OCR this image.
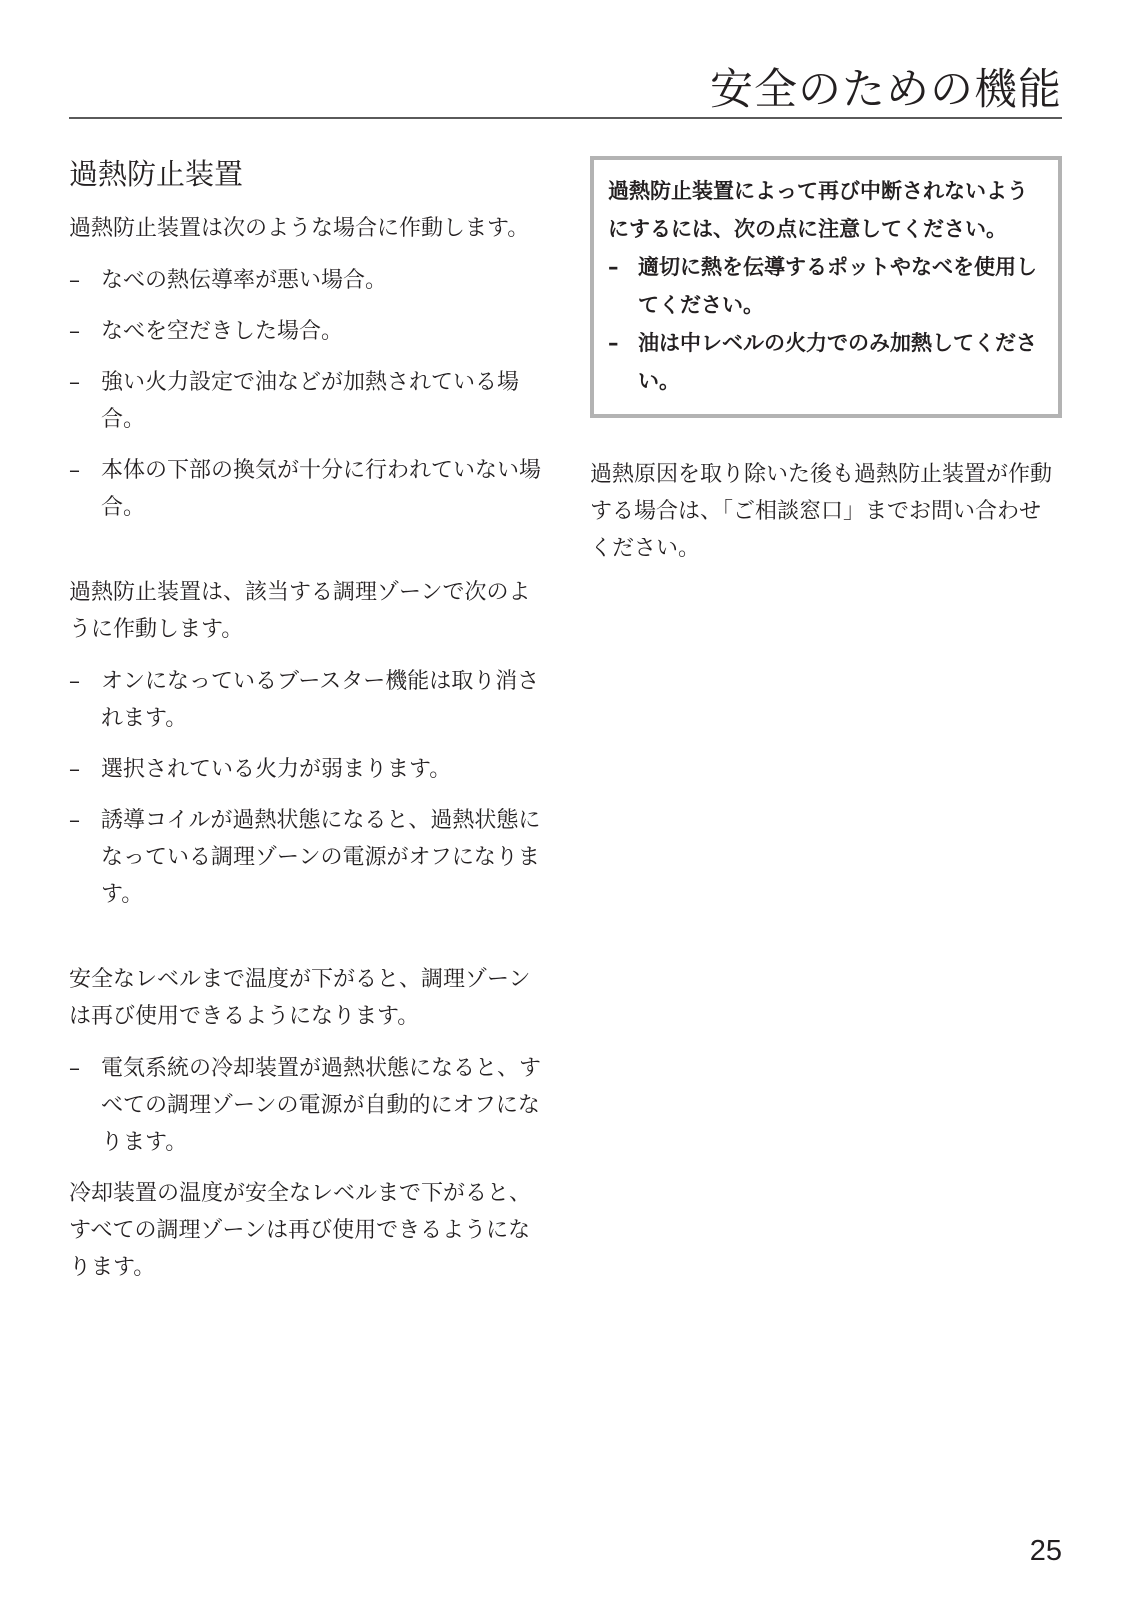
安全のための機能
過熱防止装置

過熱防止装置は次のような場合に作動します。

– なべの熱伝導率が悪い場合。
– なべを空だきした場合。
– 強い火力設定で油などが加熱されている場合。
– 本体の下部の換気が十分に行われていない場合。

過熱防止装置は、該当する調理ゾーンで次のように作動します。

– オンになっているブースター機能は取り消されます。
– 選択されている火力が弱まります。
– 誘導コイルが過熱状態になると、過熱状態になっている調理ゾーンの電源がオフになります。

安全なレベルまで温度が下がると、調理ゾーンは再び使用できるようになります。

– 電気系統の冷却装置が過熱状態になると、すべての調理ゾーンの電源が自動的にオフになります。

冷却装置の温度が安全なレベルまで下がると、すべての調理ゾーンは再び使用できるようになります。

過熱防止装置によって再び中断されないようにするには、次の点に注意してください。

– 適切に熱を伝導するポットやなべを使用してください。
– 油は中レベルの火力でのみ加熱してください。

過熱原因を取り除いた後も過熱防止装置が作動する場合は、「ご相談窓口」までお問い合わせください。

25
